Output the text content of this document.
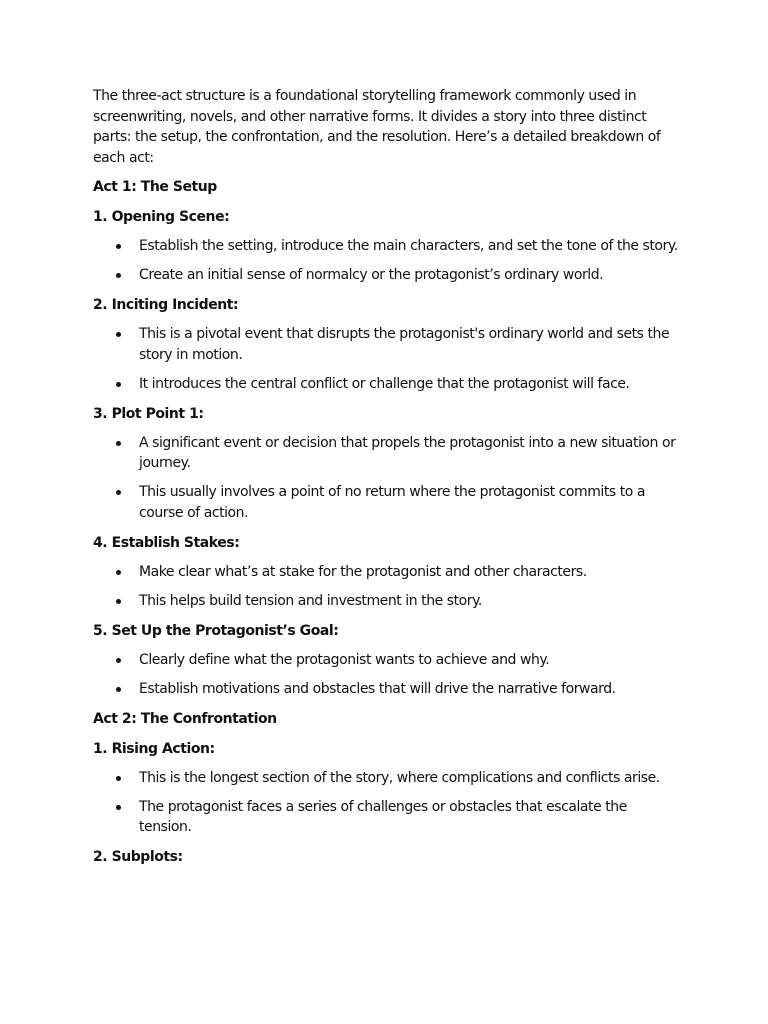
The three-act structure is a foundational storytelling framework commonly used in screenwriting, novels, and other narrative forms. It divides a story into three distinct parts: the setup, the confrontation, and the resolution. Here’s a detailed breakdown of each act:

Act 1: The Setup

1. Opening Scene:

Establish the setting, introduce the main characters, and set the tone of the story.
Create an initial sense of normalcy or the protagonist’s ordinary world.

2. Inciting Incident:

This is a pivotal event that disrupts the protagonist's ordinary world and sets the story in motion.
It introduces the central conflict or challenge that the protagonist will face.

3. Plot Point 1:

A significant event or decision that propels the protagonist into a new situation or journey.
This usually involves a point of no return where the protagonist commits to a course of action.

4. Establish Stakes:

Make clear what’s at stake for the protagonist and other characters.
This helps build tension and investment in the story.

5. Set Up the Protagonist’s Goal:

Clearly define what the protagonist wants to achieve and why.
Establish motivations and obstacles that will drive the narrative forward.

Act 2: The Confrontation

1. Rising Action:

This is the longest section of the story, where complications and conflicts arise.
The protagonist faces a series of challenges or obstacles that escalate the tension.

2. Subplots:
